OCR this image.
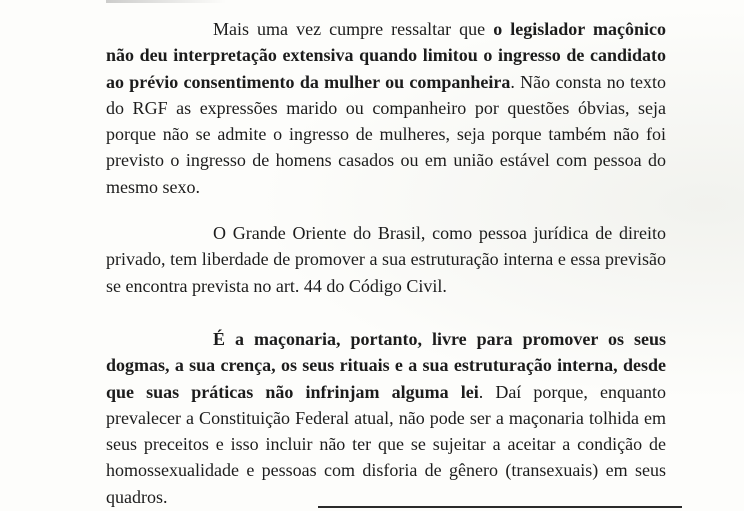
Mais uma vez cumpre ressaltar que o legislador maçônico não deu interpretação extensiva quando limitou o ingresso de candidato ao prévio consentimento da mulher ou companheira. Não consta no texto do RGF as expressões marido ou companheiro por questões óbvias, seja porque não se admite o ingresso de mulheres, seja porque também não foi previsto o ingresso de homens casados ou em união estável com pessoa do mesmo sexo.

O Grande Oriente do Brasil, como pessoa jurídica de direito privado, tem liberdade de promover a sua estruturação interna e essa previsão se encontra prevista no art. 44 do Código Civil.

É a maçonaria, portanto, livre para promover os seus dogmas, a sua crença, os seus rituais e a sua estruturação interna, desde que suas práticas não infrinjam alguma lei. Daí porque, enquanto prevalecer a Constituição Federal atual, não pode ser a maçonaria tolhida em seus preceitos e isso incluir não ter que se sujeitar a aceitar a condição de homossexualidade e pessoas com disforia de gênero (transexuais) em seus quadros.
